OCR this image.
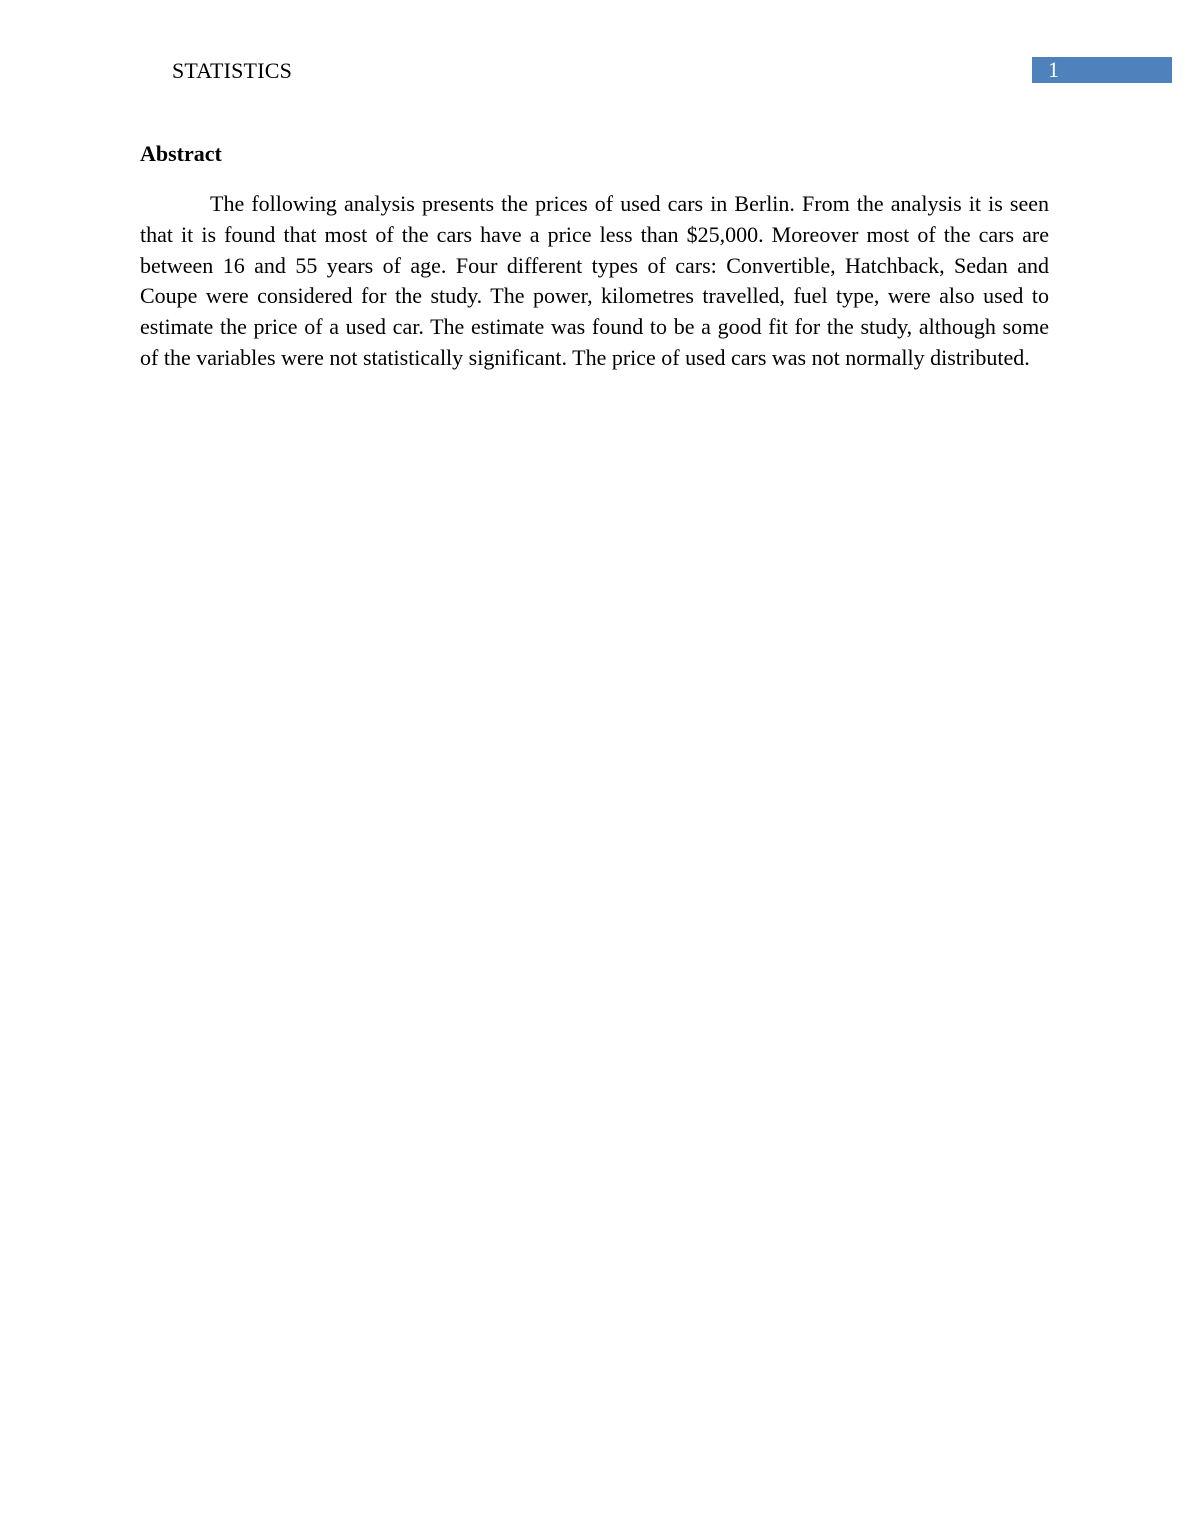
STATISTICS	1
Abstract

The following analysis presents the prices of used cars in Berlin. From the analysis it is seen that it is found that most of the cars have a price less than $25,000. Moreover most of the cars are between 16 and 55 years of age. Four different types of cars: Convertible, Hatchback, Sedan and Coupe were considered for the study. The power, kilometres travelled, fuel type, were also used to estimate the price of a used car. The estimate was found to be a good fit for the study, although some of the variables were not statistically significant. The price of used cars was not normally distributed.
